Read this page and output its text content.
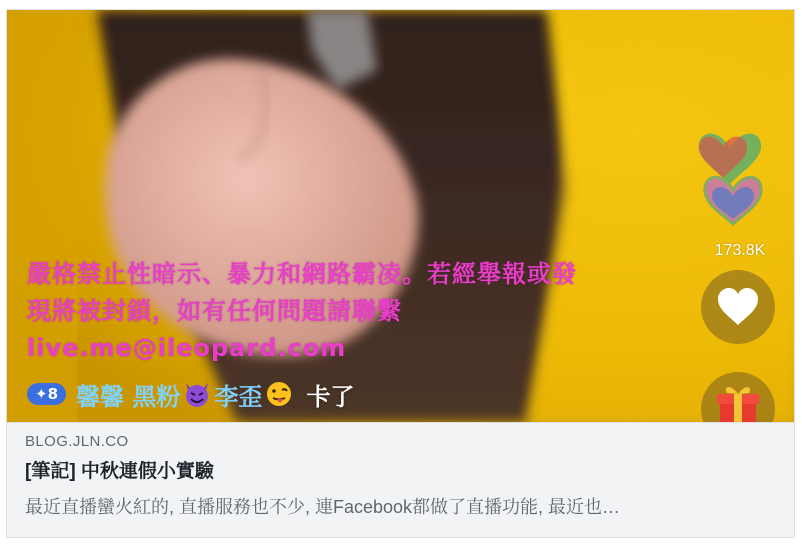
嚴格禁止性暗示、暴力和網路霸凌。若經舉報或發現將被封鎖，如有任何問題請聯繫 live.me@ileopard.com
✦8 馨馨 黑粉 李歪 卡了
173.8K
BLOG.JLN.CO
[筆記] 中秋連假小實驗
最近直播蠻火紅的, 直播服務也不少, 連Facebook都做了直播功能, 最近也…
